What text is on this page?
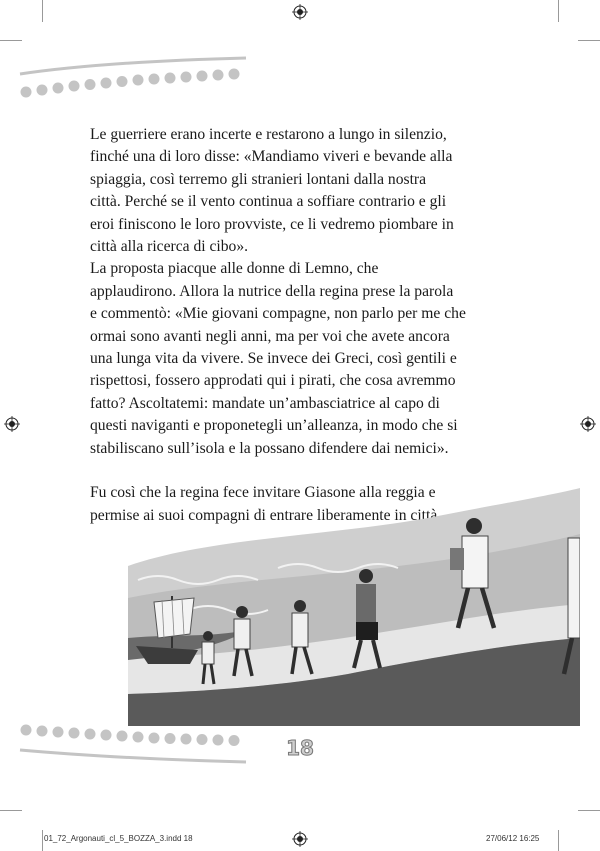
Le guerriere erano incerte e restarono a lungo in silenzio,
finché una di loro disse: «Mandiamo viveri e bevande alla
spiaggia, così terremo gli stranieri lontani dalla nostra
città. Perché se il vento continua a soffiare contrario e gli
eroi finiscono le loro provviste, ce li vedremo piombare in
città alla ricerca di cibo».

La proposta piacque alle donne di Lemno, che
applaudirono. Allora la nutrice della regina prese la parola
e commentò: «Mie giovani compagne, non parlo per me che
ormai sono avanti negli anni, ma per voi che avete ancora
una lunga vita da vivere. Se invece dei Greci, così gentili e
rispettosi, fossero approdati qui i pirati, che cosa avremmo
fatto? Ascoltatemi: mandate un’ambasciatrice al capo di
questi naviganti e proponetegli un’alleanza, in modo che si
stabiliscano sull’isola e la possano difendere dai nemici».

Fu così che la regina fece invitare Giasone alla reggia e
permise ai suoi compagni di entrare liberamente in città.

18
01_72_Argonauti_cl_5_BOZZA_3.indd 18	27/06/12 16:25
